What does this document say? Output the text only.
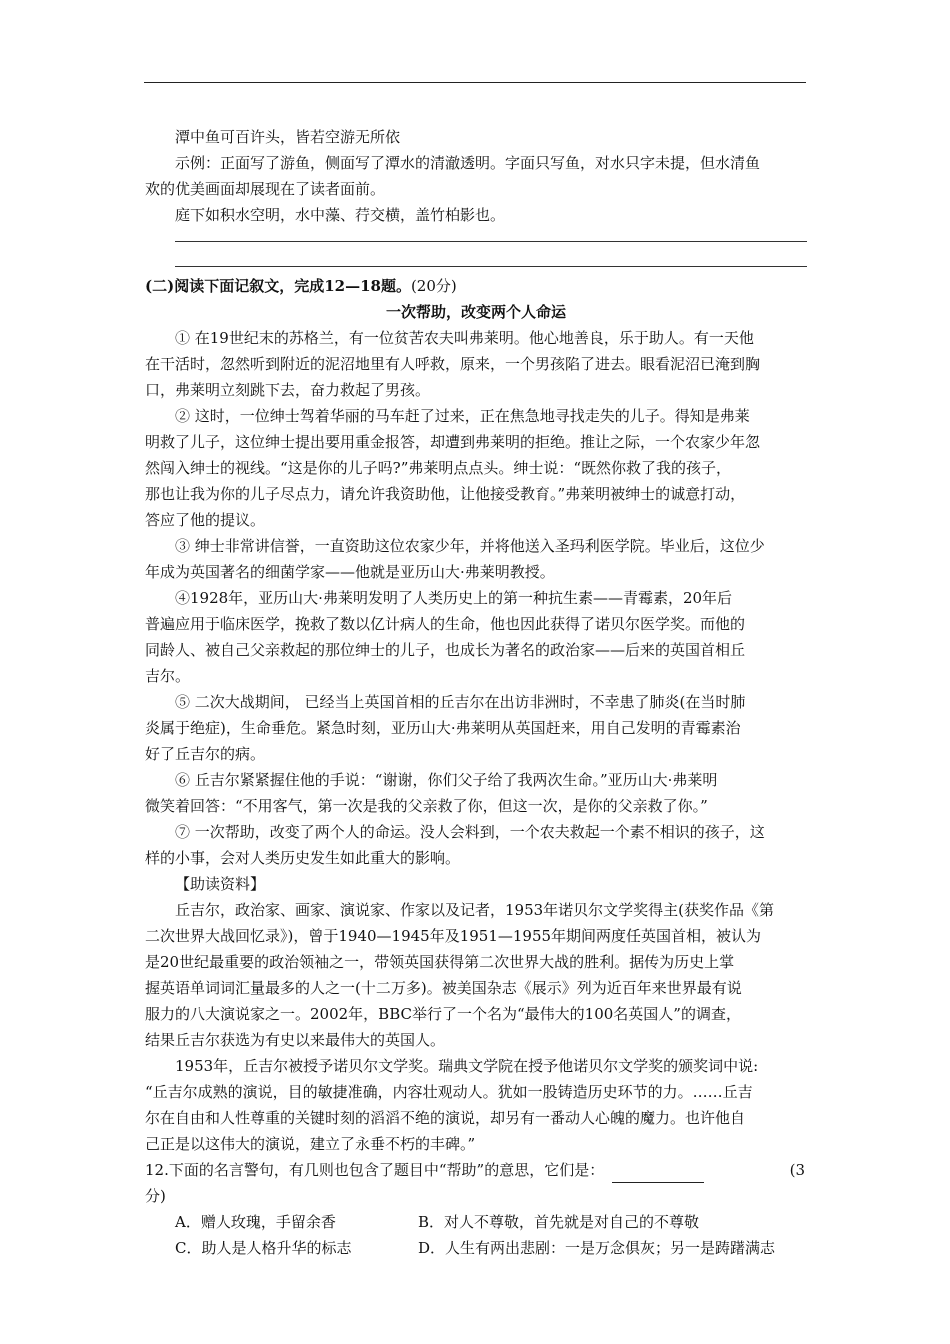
潭中鱼可百许头，皆若空游无所依
示例：正面写了游鱼，侧面写了潭水的清澈透明。字面只写鱼，对水只字未提，但水清鱼
欢的优美画面却展现在了读者面前。
庭下如积水空明，水中藻、荇交横，盖竹柏影也。
(二)阅读下面记叙文，完成12—18题。(20分)
一次帮助，改变两个人命运
① 在19世纪末的苏格兰，有一位贫苦农夫叫弗莱明。他心地善良，乐于助人。有一天他
在干活时，忽然听到附近的泥沼地里有人呼救，原来，一个男孩陷了进去。眼看泥沼已淹到胸
口，弗莱明立刻跳下去，奋力救起了男孩。
② 这时，一位绅士驾着华丽的马车赶了过来，正在焦急地寻找走失的儿子。得知是弗莱
明救了儿子，这位绅士提出要用重金报答，却遭到弗莱明的拒绝。推让之际，一个农家少年忽
然闯入绅士的视线。“这是你的儿子吗?”弗莱明点点头。绅士说：“既然你救了我的孩子，
那也让我为你的儿子尽点力，请允许我资助他，让他接受教育。”弗莱明被绅士的诚意打动，
答应了他的提议。
③ 绅士非常讲信誉，一直资助这位农家少年，并将他送入圣玛利医学院。毕业后，这位少
年成为英国著名的细菌学家——他就是亚历山大·弗莱明教授。
④1928年，亚历山大·弗莱明发明了人类历史上的第一种抗生素——青霉素，20年后
普遍应用于临床医学，挽救了数以亿计病人的生命，他也因此获得了诺贝尔医学奖。而他的
同龄人、被自己父亲救起的那位绅士的儿子，也成长为著名的政治家——后来的英国首相丘
吉尔。
⑤ 二次大战期间， 已经当上英国首相的丘吉尔在出访非洲时，不幸患了肺炎(在当时肺
炎属于绝症)，生命垂危。紧急时刻，亚历山大·弗莱明从英国赶来，用自己发明的青霉素治
好了丘吉尔的病。
⑥ 丘吉尔紧紧握住他的手说：“谢谢，你们父子给了我两次生命。”亚历山大·弗莱明
微笑着回答：“不用客气，第一次是我的父亲救了你，但这一次，是你的父亲救了你。”
⑦ 一次帮助，改变了两个人的命运。没人会料到，一个农夫救起一个素不相识的孩子，这
样的小事，会对人类历史发生如此重大的影响。
【助读资料】
丘吉尔，政治家、画家、演说家、作家以及记者，1953年诺贝尔文学奖得主(获奖作品《第
二次世界大战回忆录》)，曾于1940—1945年及1951—1955年期间两度任英国首相，被认为
是20世纪最重要的政治领袖之一，带领英国获得第二次世界大战的胜利。据传为历史上掌
握英语单词词汇量最多的人之一(十二万多)。被美国杂志《展示》列为近百年来世界最有说
服力的八大演说家之一。2002年，BBC举行了一个名为“最伟大的100名英国人”的调查，
结果丘吉尔获选为有史以来最伟大的英国人。
1953年，丘吉尔被授予诺贝尔文学奖。瑞典文学院在授予他诺贝尔文学奖的颁奖词中说:
“丘吉尔成熟的演说，目的敏捷准确，内容壮观动人。犹如一股铸造历史环节的力。……丘吉
尔在自由和人性尊重的关键时刻的滔滔不绝的演说，却另有一番动人心魄的魔力。也许他自
己正是以这伟大的演说，建立了永垂不朽的丰碑。”
12.下面的名言警句，有几则也包含了题目中“帮助”的意思，它们是：	(3
分)
A．赠人玫瑰，手留余香	B．对人不尊敬，首先就是对自己的不尊敬
C．助人是人格升华的标志	D．人生有两出悲剧：一是万念俱灰；另一是踌躇满志
